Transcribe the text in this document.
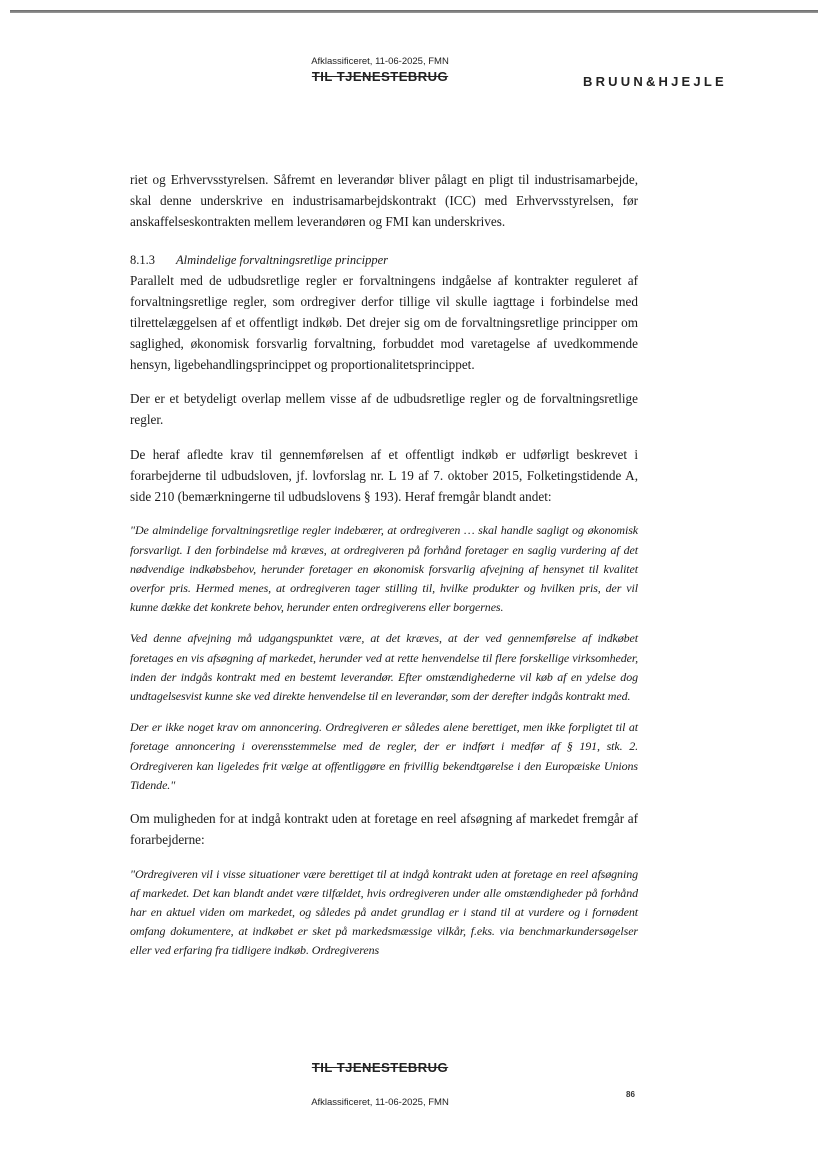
Afklassificeret, 11-06-2025, FMN
TIL TJENESTEBRUG	BRUUN&HJEJLE

riet og Erhvervsstyrelsen. Såfremt en leverandør bliver pålagt en pligt til industrisamarbejde, skal denne underskrive en industrisamarbejdskontrakt (ICC) med Erhvervsstyrelsen, før anskaffelseskontrakten mellem leverandøren og FMI kan underskrives.

8.1.3	Almindelige forvaltningsretlige principper

Parallelt med de udbudsretlige regler er forvaltningens indgåelse af kontrakter reguleret af forvaltningsretlige regler, som ordregiver derfor tillige vil skulle iagttage i forbindelse med tilrettelæggelsen af et offentligt indkøb. Det drejer sig om de forvaltningsretlige principper om saglighed, økonomisk forsvarlig forvaltning, forbuddet mod varetagelse af uvedkommende hensyn, ligebehandlingsprincippet og proportionalitetsprincippet.

Der er et betydeligt overlap mellem visse af de udbudsretlige regler og de forvaltningsretlige regler.

De heraf afledte krav til gennemførelsen af et offentligt indkøb er udførligt beskrevet i forarbejderne til udbudsloven, jf. lovforslag nr. L 19 af 7. oktober 2015, Folketingstidende A, side 210 (bemærkningerne til udbudslovens § 193). Heraf fremgår blandt andet:

"De almindelige forvaltningsretlige regler indebærer, at ordregiveren … skal handle sagligt og økonomisk forsvarligt. I den forbindelse må kræves, at ordregiveren på forhånd foretager en saglig vurdering af det nødvendige indkøbsbehov, herunder foretager en økonomisk forsvarlig afvejning af hensynet til kvalitet overfor pris. Hermed menes, at ordregiveren tager stilling til, hvilke produkter og hvilken pris, der vil kunne dække det konkrete behov, herunder enten ordregiverens eller borgernes.

Ved denne afvejning må udgangspunktet være, at det kræves, at der ved gennemførelse af indkøbet foretages en vis afsøgning af markedet, herunder ved at rette henvendelse til flere forskellige virksomheder, inden der indgås kontrakt med en bestemt leverandør. Efter omstændighederne vil køb af en ydelse dog undtagelsesvist kunne ske ved direkte henvendelse til en leverandør, som der derefter indgås kontrakt med.

Der er ikke noget krav om annoncering. Ordregiveren er således alene berettiget, men ikke forpligtet til at foretage annoncering i overensstemmelse med de regler, der er indført i medfør af § 191, stk. 2. Ordregiveren kan ligeledes frit vælge at offentliggøre en frivillig bekendtgørelse i den Europæiske Unions Tidende."

Om muligheden for at indgå kontrakt uden at foretage en reel afsøgning af markedet fremgår af forarbejderne:

"Ordregiveren vil i visse situationer være berettiget til at indgå kontrakt uden at foretage en reel afsøgning af markedet. Det kan blandt andet være tilfældet, hvis ordregiveren under alle omstændigheder på forhånd har en aktuel viden om markedet, og således på andet grundlag er i stand til at vurdere og i fornødent omfang dokumentere, at indkøbet er sket på markedsmæssige vilkår, f.eks. via benchmarkundersøgelser eller ved erfaring fra tidligere indkøb. Ordregiverens

TIL TJENESTEBRUG
86
Afklassificeret, 11-06-2025, FMN
